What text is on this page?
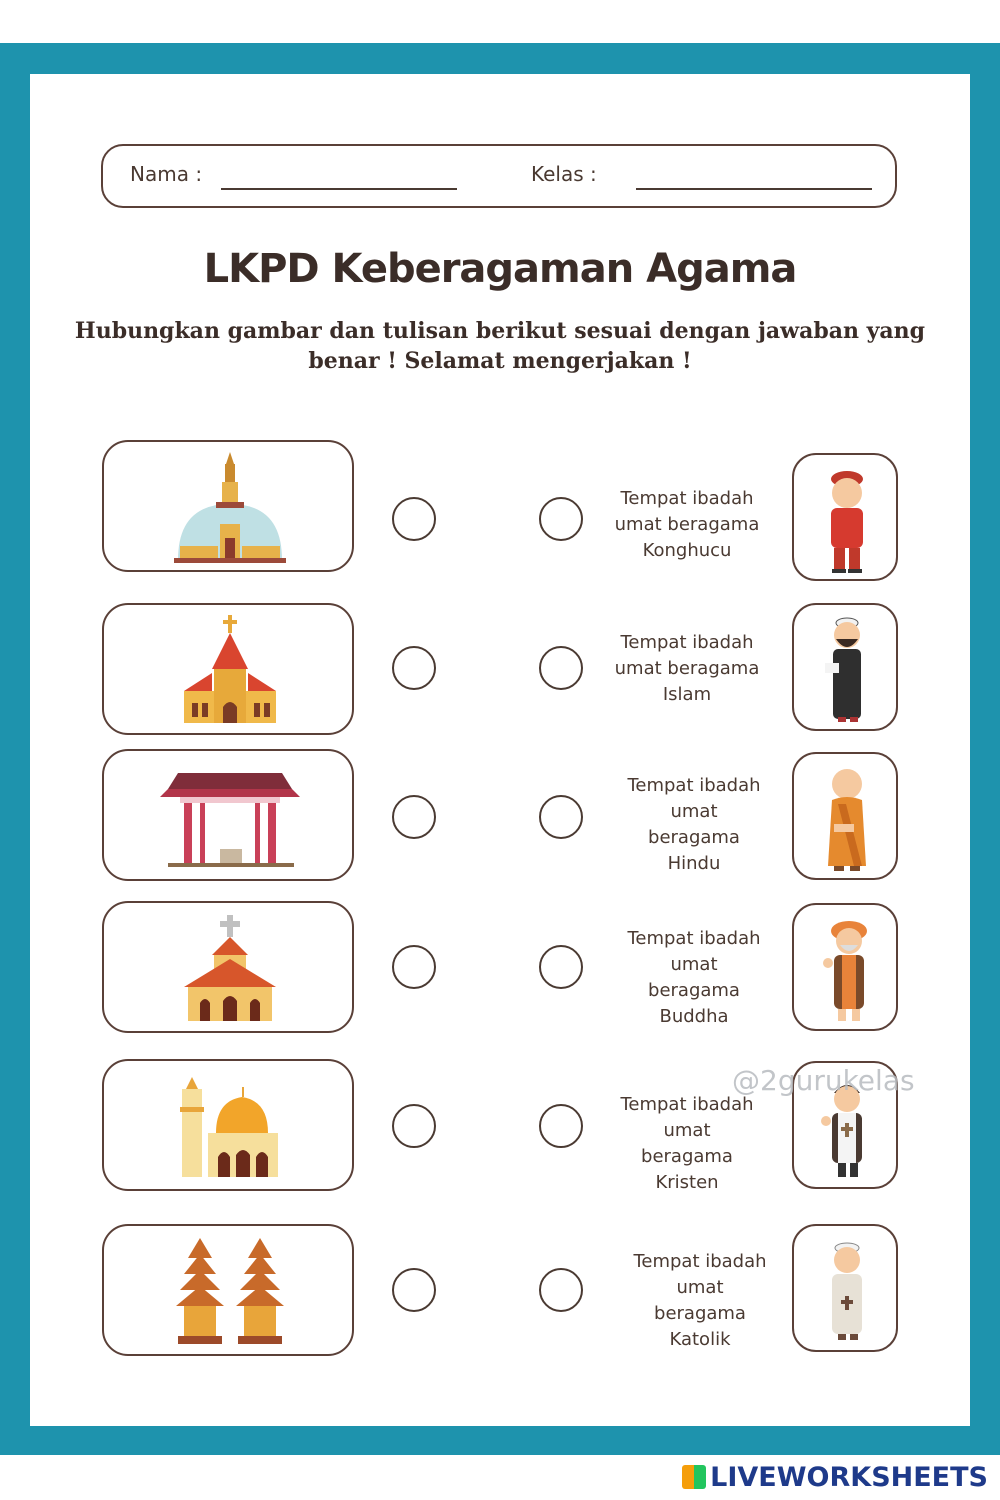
Nama :	Kelas :
LKPD Keberagaman Agama
Hubungkan gambar dan tulisan berikut sesuai dengan jawaban yang benar ! Selamat mengerjakan !
Tempat ibadah
umat beragama
Konghucu
Tempat ibadah
umat beragama
Islam
Tempat ibadah
umat
beragama
Hindu
Tempat ibadah
umat
beragama
Buddha
Tempat ibadah
umat
beragama
Kristen
Tempat ibadah
umat
beragama
Katolik
@2gurukelas
LIVEWORKSHEETS
